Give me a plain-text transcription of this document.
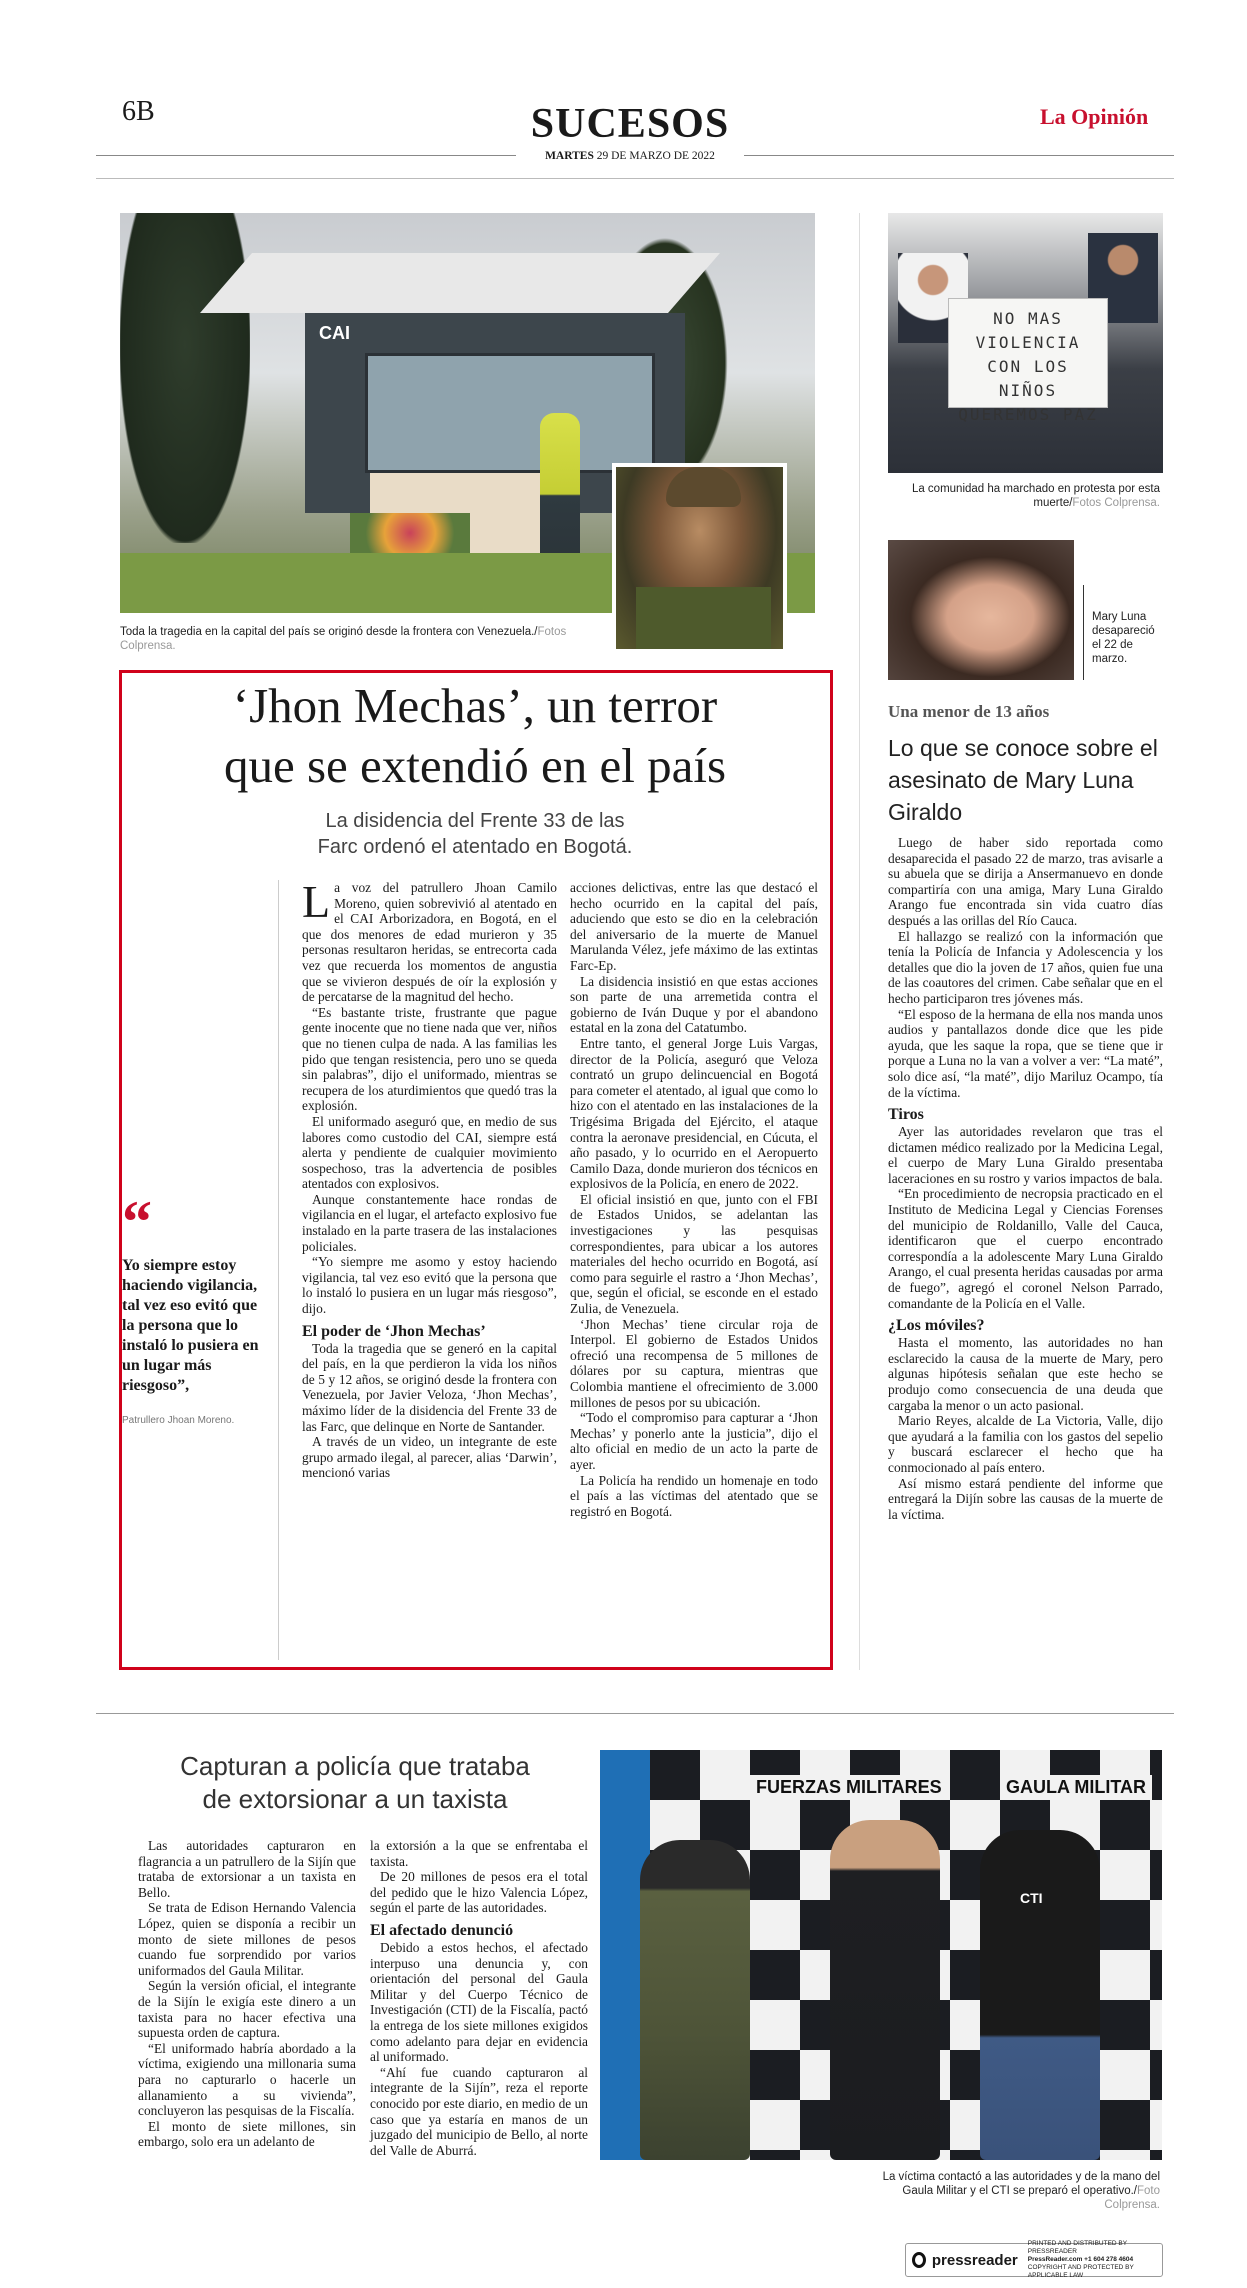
6B	SUCESOS
MARTES 29 DE MARZO DE 2022
La Opinión
CAI
Toda la tragedia en la capital del país se originó desde la frontera con Venezuela./Fotos Colprensa.
‘Jhon Mechas’, un terror
que se extendió en el país
La disidencia del Frente 33 de las
Farc ordenó el atentado en Bogotá.
“
Yo siempre estoy haciendo vigilancia, tal vez eso evitó que la persona que lo instaló lo pusiera en un lugar más riesgoso”,
Patrullero Jhoan Moreno.

L a voz del patrullero Jhoan Camilo Moreno, quien sobrevivió al atentado en el CAI Arborizadora, en Bogotá, en el que dos menores de edad murieron y 35 personas resultaron heridas, se entrecorta cada vez que recuerda los momentos de angustia que se vivieron después de oír la explosión y de percatarse de la magnitud del hecho.

“Es bastante triste, frustrante que pague gente inocente que no tiene nada que ver, niños que no tienen culpa de nada. A las familias les pido que tengan resistencia, pero uno se queda sin palabras”, dijo el uniformado, mientras se recupera de los aturdimientos que quedó tras la explosión.

El uniformado aseguró que, en medio de sus labores como custodio del CAI, siempre está alerta y pendiente de cualquier movimiento sospechoso, tras la advertencia de posibles atentados con explosivos.

Aunque constantemente hace rondas de vigilancia en el lugar, el artefacto explosivo fue instalado en la parte trasera de las instalaciones policiales.

“Yo siempre me asomo y estoy haciendo vigilancia, tal vez eso evitó que la persona que lo instaló lo pusiera en un lugar más riesgoso”, dijo.

El poder de ‘Jhon Mechas’

Toda la tragedia que se generó en la capital del país, en la que perdieron la vida los niños de 5 y 12 años, se originó desde la frontera con Venezuela, por Javier Veloza, ‘Jhon Mechas’, máximo líder de la disidencia del Frente 33 de las Farc, que delinque en Norte de Santander.

A través de un video, un integrante de este grupo armado ilegal, al parecer, alias ‘Darwin’, mencionó varias

acciones delictivas, entre las que destacó el hecho ocurrido en la capital del país, aduciendo que esto se dio en la celebración del aniversario de la muerte de Manuel Marulanda Vélez, jefe máximo de las extintas Farc-Ep.

La disidencia insistió en que estas acciones son parte de una arremetida contra el gobierno de Iván Duque y por el abandono estatal en la zona del Catatumbo.

Entre tanto, el general Jorge Luis Vargas, director de la Policía, aseguró que Veloza contrató un grupo delincuencial en Bogotá para cometer el atentado, al igual que como lo hizo con el atentado en las instalaciones de la Trigésima Brigada del Ejército, el ataque contra la aeronave presidencial, en Cúcuta, el año pasado, y lo ocurrido en el Aeropuerto Camilo Daza, donde murieron dos técnicos en explosivos de la Policía, en enero de 2022.

El oficial insistió en que, junto con el FBI de Estados Unidos, se adelantan las investigaciones y las pesquisas correspondientes, para ubicar a los autores materiales del hecho ocurrido en Bogotá, así como para seguirle el rastro a ‘Jhon Mechas’, que, según el oficial, se esconde en el estado Zulia, de Venezuela.

‘Jhon Mechas’ tiene circular roja de Interpol. El gobierno de Estados Unidos ofreció una recompensa de 5 millones de dólares por su captura, mientras que Colombia mantiene el ofrecimiento de 3.000 millones de pesos por su ubicación.

“Todo el compromiso para capturar a ‘Jhon Mechas’ y ponerlo ante la justicia”, dijo el alto oficial en medio de un acto la parte de ayer.

La Policía ha rendido un homenaje en todo el país a las víctimas del atentado que se registró en Bogotá.

NO MAS VIOLENCIA CON LOS NIÑOS QUEREMOS PAZ
La comunidad ha marchado en protesta por esta muerte/Fotos Colprensa.
Mary Luna desapareció el 22 de marzo.
Una menor de 13 años
Lo que se conoce sobre el asesinato de Mary Luna Giraldo

Luego de haber sido reportada como desaparecida el pasado 22 de marzo, tras avisarle a su abuela que se dirija a Ansermanuevo en donde compartiría con una amiga, Mary Luna Giraldo Arango fue encontrada sin vida cuatro días después a las orillas del Río Cauca.

El hallazgo se realizó con la información que tenía la Policía de Infancia y Adolescencia y los detalles que dio la joven de 17 años, quien fue una de las coautores del crimen. Cabe señalar que en el hecho participaron tres jóvenes más.

“El esposo de la hermana de ella nos manda unos audios y pantallazos donde dice que les pide ayuda, que les saque la ropa, que se tiene que ir porque a Luna no la van a volver a ver: “La maté”, solo dice así, “la maté”, dijo Mariluz Ocampo, tía de la víctima.

Tiros

Ayer las autoridades revelaron que tras el dictamen médico realizado por la Medicina Legal, el cuerpo de Mary Luna Giraldo presentaba laceraciones en su rostro y varios impactos de bala.

“En procedimiento de necropsia practicado en el Instituto de Medicina Legal y Ciencias Forenses del municipio de Roldanillo, Valle del Cauca, identificaron que el cuerpo encontrado correspondía a la adolescente Mary Luna Giraldo Arango, el cual presenta heridas causadas por arma de fuego”, agregó el coronel Nelson Parrado, comandante de la Policía en el Valle.

¿Los móviles?

Hasta el momento, las autoridades no han esclarecido la causa de la muerte de Mary, pero algunas hipótesis señalan que este hecho se produjo como consecuencia de una deuda que cargaba la menor o un acto pasional.

Mario Reyes, alcalde de La Victoria, Valle, dijo que ayudará a la familia con los gastos del sepelio y buscará esclarecer el hecho que ha conmocionado al país entero.

Así mismo estará pendiente del informe que entregará la Dijín sobre las causas de la muerte de la víctima.

Capturan a policía que trataba
de extorsionar a un taxista

Las autoridades capturaron en flagrancia a un patrullero de la Sijín que trataba de extorsionar a un taxista en Bello.

Se trata de Edison Hernando Valencia López, quien se disponía a recibir un monto de siete millones de pesos cuando fue sorprendido por varios uniformados del Gaula Militar.

Según la versión oficial, el integrante de la Sijín le exigía este dinero a un taxista para no hacer efectiva una supuesta orden de captura.

“El uniformado habría abordado a la víctima, exigiendo una millonaria suma para no capturarlo o hacerle un allanamiento a su vivienda”, concluyeron las pesquisas de la Fiscalía.

El monto de siete millones, sin embargo, solo era un adelanto de

la extorsión a la que se enfrentaba el taxista.

De 20 millones de pesos era el total del pedido que le hizo Valencia López, según el parte de las autoridades.

El afectado denunció

Debido a estos hechos, el afectado interpuso una denuncia y, con orientación del personal del Gaula Militar y del Cuerpo Técnico de Investigación (CTI) de la Fiscalía, pactó la entrega de los siete millones exigidos como adelanto para dejar en evidencia al uniformado.

“Ahí fue cuando capturaron al integrante de la Sijín”, reza el reporte conocido por este diario, en medio de un caso que ya estaría en manos de un juzgado del municipio de Bello, al norte del Valle de Aburrá.

FUERZAS MILITARES	GAULA MILITAR
CTI
La víctima contactó a las autoridades y de la mano del Gaula Militar y el CTI se preparó el operativo./Foto Colprensa.
pressreader
PRINTED AND DISTRIBUTED BY PRESSREADER
PressReader.com +1 604 278 4604
COPYRIGHT AND PROTECTED BY APPLICABLE LAW
